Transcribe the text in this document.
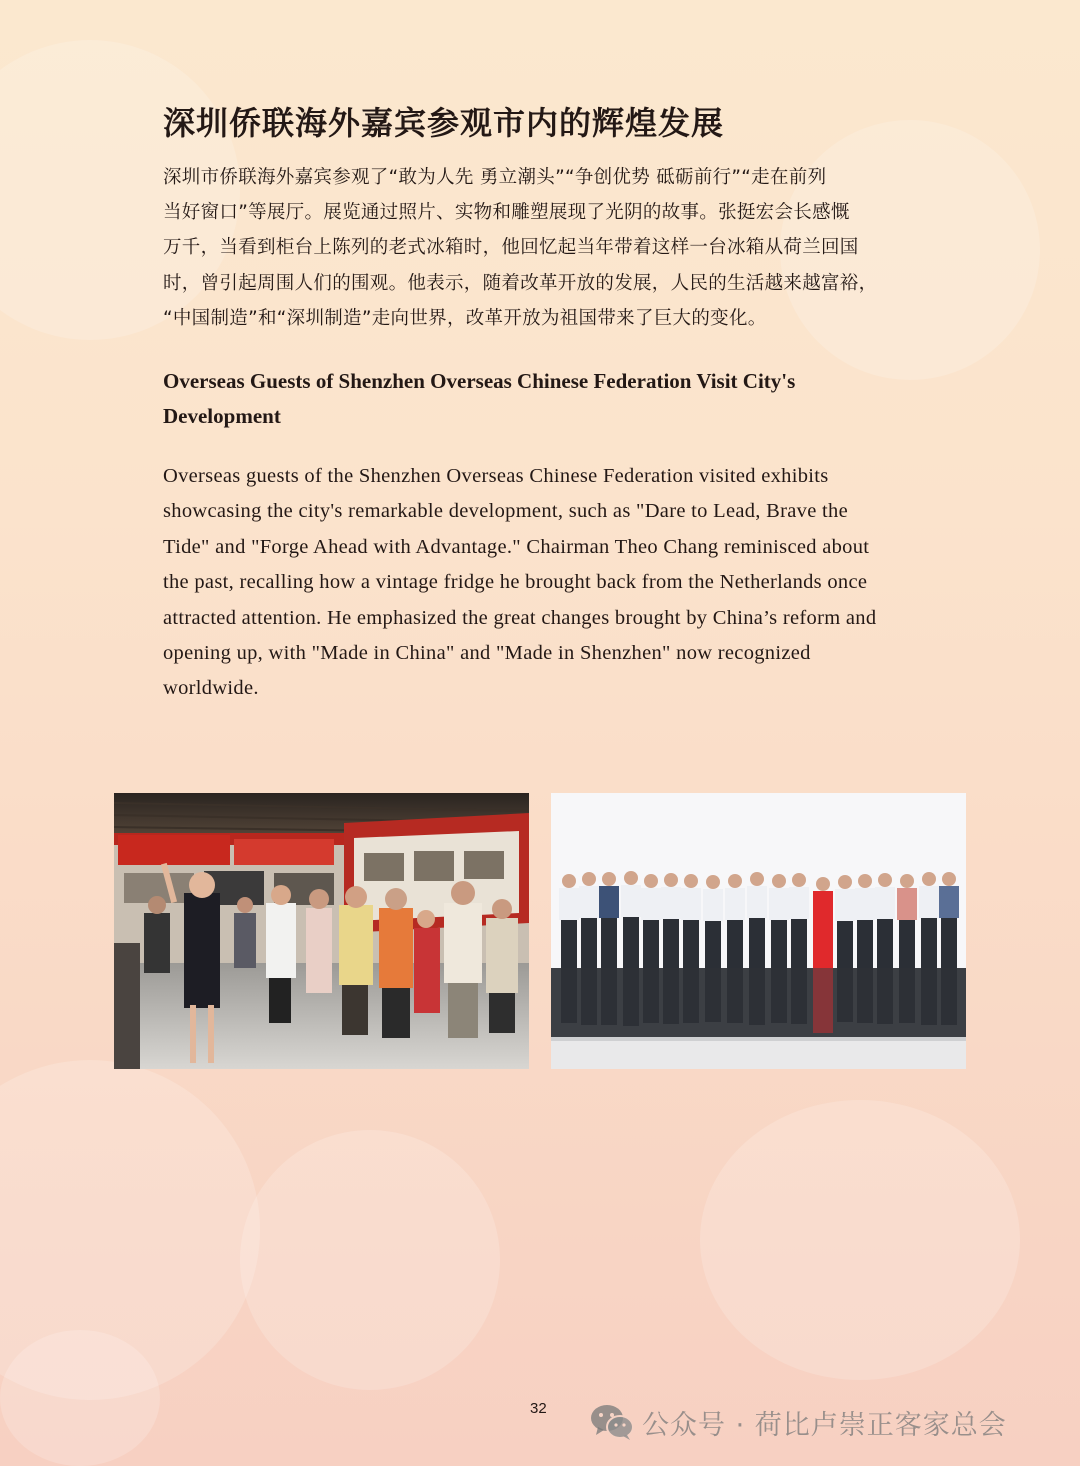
深圳侨联海外嘉宾参观市内的辉煌发展
深圳市侨联海外嘉宾参观了“敢为人先 勇立潮头”“争创优势 砥砺前行”“走在前列
当好窗口”等展厅。展览通过照片、实物和雕塑展现了光阴的故事。张挺宏会长感慨
万千，当看到柜台上陈列的老式冰箱时，他回忆起当年带着这样一台冰箱从荷兰回国
时，曾引起周围人们的围观。他表示，随着改革开放的发展，人民的生活越来越富裕，
“中国制造”和“深圳制造”走向世界，改革开放为祖国带来了巨大的变化。
Overseas Guests of Shenzhen Overseas Chinese Federation Visit City's
Development
Overseas guests of the Shenzhen Overseas Chinese Federation visited exhibits
showcasing the city's remarkable development, such as "Dare to Lead, Brave the
Tide" and "Forge Ahead with Advantage." Chairman Theo Chang reminisced about
the past, recalling how a vintage fridge he brought back from the Netherlands once
attracted attention. He emphasized the great changes brought by China’s reform and
opening up, with "Made in China" and "Made in Shenzhen" now recognized
worldwide.
32
公众号 · 荷比卢崇正客家总会
